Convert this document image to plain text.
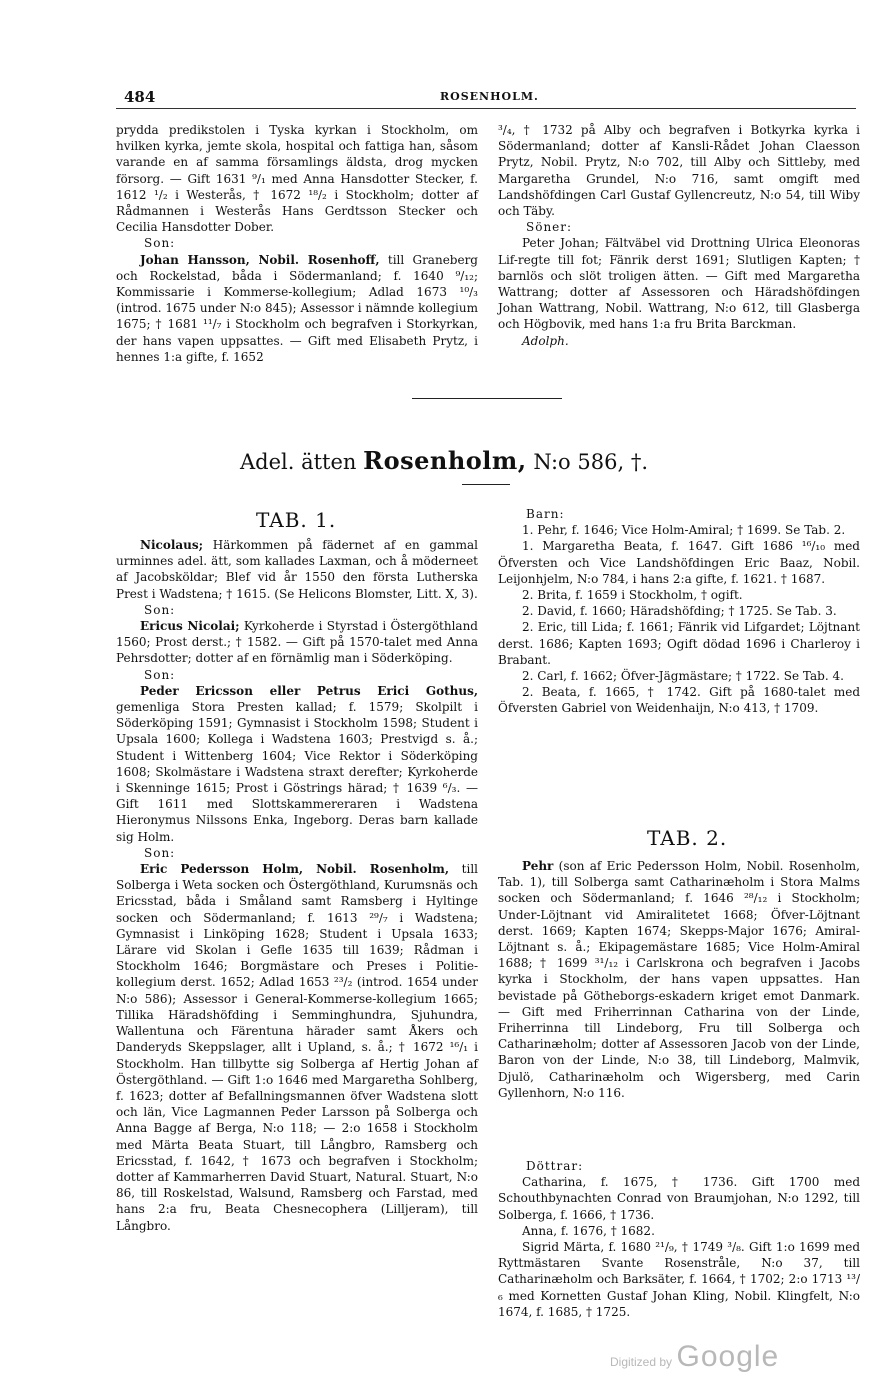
484	ROSENHOLM.

prydda predikstolen i Tyska kyrkan i Stockholm, om hvilken kyrka, jemte skola, hospital och fattiga han, såsom varande en af samma församlings äldsta, drog mycken försorg. — Gift 1631 ⁹/₁ med Anna Hansdotter Stecker, f. 1612 ¹/₂ i Westerås, † 1672 ¹⁸/₂ i Stockholm; dotter af Rådmannen i Westerås Hans Gerdtsson Stecker och Cecilia Hansdotter Dober.

Son:

Johan Hansson, Nobil. Rosenhoff, till Graneberg och Rockelstad, båda i Södermanland; f. 1640 ⁹/₁₂; Kommissarie i Kommerse-kollegium; Adlad 1673 ¹⁰/₃ (introd. 1675 under N:o 845); Assessor i nämnde kollegium 1675; † 1681 ¹¹/₇ i Stockholm och begrafven i Storkyrkan, der hans vapen uppsattes. — Gift med Elisabeth Prytz, i hennes 1:a gifte, f. 1652

³/₄, † 1732 på Alby och begrafven i Botkyrka kyrka i Södermanland; dotter af Kansli-Rådet Johan Claesson Prytz, Nobil. Prytz, N:o 702, till Alby och Sittleby, med Margaretha Grundel, N:o 716, samt omgift med Landshöfdingen Carl Gustaf Gyllencreutz, N:o 54, till Wiby och Täby.

Söner:

Peter Johan; Fältväbel vid Drottning Ulrica Eleonoras Lif-regte till fot; Fänrik derst 1691; Slutligen Kapten; † barnlös och slöt troligen ätten. — Gift med Margaretha Wattrang; dotter af Assessoren och Häradshöfdingen Johan Wattrang, Nobil. Wattrang, N:o 612, till Glasberga och Högbovik, med hans 1:a fru Brita Barckman.

Adolph.

Adel. ätten Rosenholm, N:o 586, †.
TAB. 1.

Nicolaus; Härkommen på fädernet af en gammal urminnes adel. ätt, som kallades Laxman, och å möderneet af Jacobsköldar; Blef vid år 1550 den första Lutherska Prest i Wadstena; † 1615. (Se Helicons Blomster, Litt. X, 3).

Son:

Ericus Nicolai; Kyrkoherde i Styrstad i Östergöthland 1560; Prost derst.; † 1582. — Gift på 1570-talet med Anna Pehrsdotter; dotter af en förnämlig man i Söderköping.

Son:

Peder Ericsson eller Petrus Erici Gothus, gemenliga Stora Presten kallad; f. 1579; Skolpilt i Söderköping 1591; Gymnasist i Stockholm 1598; Student i Upsala 1600; Kollega i Wadstena 1603; Prestvigd s. å.; Student i Wittenberg 1604; Vice Rektor i Söderköping 1608; Skolmästare i Wadstena straxt derefter; Kyrkoherde i Skenninge 1615; Prost i Göstrings härad; † 1639 ⁶/₃. — Gift 1611 med Slottskammereraren i Wadstena Hieronymus Nilssons Enka, Ingeborg. Deras barn kallade sig Holm.

Son:

Eric Pedersson Holm, Nobil. Rosenholm, till Solberga i Weta socken och Östergöthland, Kurumsnäs och Ericsstad, båda i Småland samt Ramsberg i Hyltinge socken och Södermanland; f. 1613 ²⁹/₇ i Wadstena; Gymnasist i Linköping 1628; Student i Upsala 1633; Lärare vid Skolan i Gefle 1635 till 1639; Rådman i Stockholm 1646; Borgmästare och Preses i Politie-kollegium derst. 1652; Adlad 1653 ²³/₂ (introd. 1654 under N:o 586); Assessor i General-Kommerse-kollegium 1665; Tillika Häradshöfding i Semminghundra, Sjuhundra, Wallentuna och Färentuna härader samt Åkers och Danderyds Skeppslager, allt i Upland, s. å.; † 1672 ¹⁶/₁ i Stockholm. Han tillbytte sig Solberga af Hertig Johan af Östergöthland. — Gift 1:o 1646 med Margaretha Sohlberg, f. 1623; dotter af Befallningsmannen öfver Wadstena slott och län, Vice Lagmannen Peder Larsson på Solberga och Anna Bagge af Berga, N:o 118; — 2:o 1658 i Stockholm med Märta Beata Stuart, till Långbro, Ramsberg och Ericsstad, f. 1642, † 1673 och begrafven i Stockholm; dotter af Kammarherren David Stuart, Natural. Stuart, N:o 86, till Roskelstad, Walsund, Ramsberg och Farstad, med hans 2:a fru, Beata Chesnecophera (Lilljeram), till Långbro.

Barn:

1. Pehr, f. 1646; Vice Holm-Amiral; † 1699. Se Tab. 2.

1. Margaretha Beata, f. 1647. Gift 1686 ¹⁶/₁₀ med Öfversten och Vice Landshöfdingen Eric Baaz, Nobil. Leijonhjelm, N:o 784, i hans 2:a gifte, f. 1621. † 1687.

2. Brita, f. 1659 i Stockholm, † ogift.

2. David, f. 1660; Häradshöfding; † 1725. Se Tab. 3.

2. Eric, till Lida; f. 1661; Fänrik vid Lifgardet; Löjtnant derst. 1686; Kapten 1693; Ogift dödad 1696 i Charleroy i Brabant.

2. Carl, f. 1662; Öfver-Jägmästare; † 1722. Se Tab. 4.

2. Beata, f. 1665, † 1742. Gift på 1680-talet med Öfversten Gabriel von Weidenhaijn, N:o 413, † 1709.

TAB. 2.

Pehr (son af Eric Pedersson Holm, Nobil. Rosenholm, Tab. 1), till Solberga samt Catharinæholm i Stora Malms socken och Södermanland; f. 1646 ²⁸/₁₂ i Stockholm; Under-Löjtnant vid Amiralitetet 1668; Öfver-Löjtnant derst. 1669; Kapten 1674; Skepps-Major 1676; Amiral-Löjtnant s. å.; Ekipagemästare 1685; Vice Holm-Amiral 1688; † 1699 ³¹/₁₂ i Carlskrona och begrafven i Jacobs kyrka i Stockholm, der hans vapen uppsattes. Han bevistade på Götheborgs-eskadern kriget emot Danmark. — Gift med Friherrinnan Catharina von der Linde, Friherrinna till Lindeborg, Fru till Solberga och Catharinæholm; dotter af Assessoren Jacob von der Linde, Baron von der Linde, N:o 38, till Lindeborg, Malmvik, Djulö, Catharinæholm och Wigersberg, med Carin Gyllenhorn, N:o 116.

Döttrar:

Catharina, f. 1675, † 1736. Gift 1700 med Schouthbynachten Conrad von Braumjohan, N:o 1292, till Solberga, f. 1666, † 1736.

Anna, f. 1676, † 1682.

Sigrid Märta, f. 1680 ²¹/₉, † 1749 ³/₈. Gift 1:o 1699 med Ryttmästaren Svante Rosenstråle, N:o 37, till Catharinæholm och Barksäter, f. 1664, † 1702; 2:o 1713 ¹³/₆ med Kornetten Gustaf Johan Kling, Nobil. Klingfelt, N:o 1674, f. 1685, † 1725.

Digitized by Google
